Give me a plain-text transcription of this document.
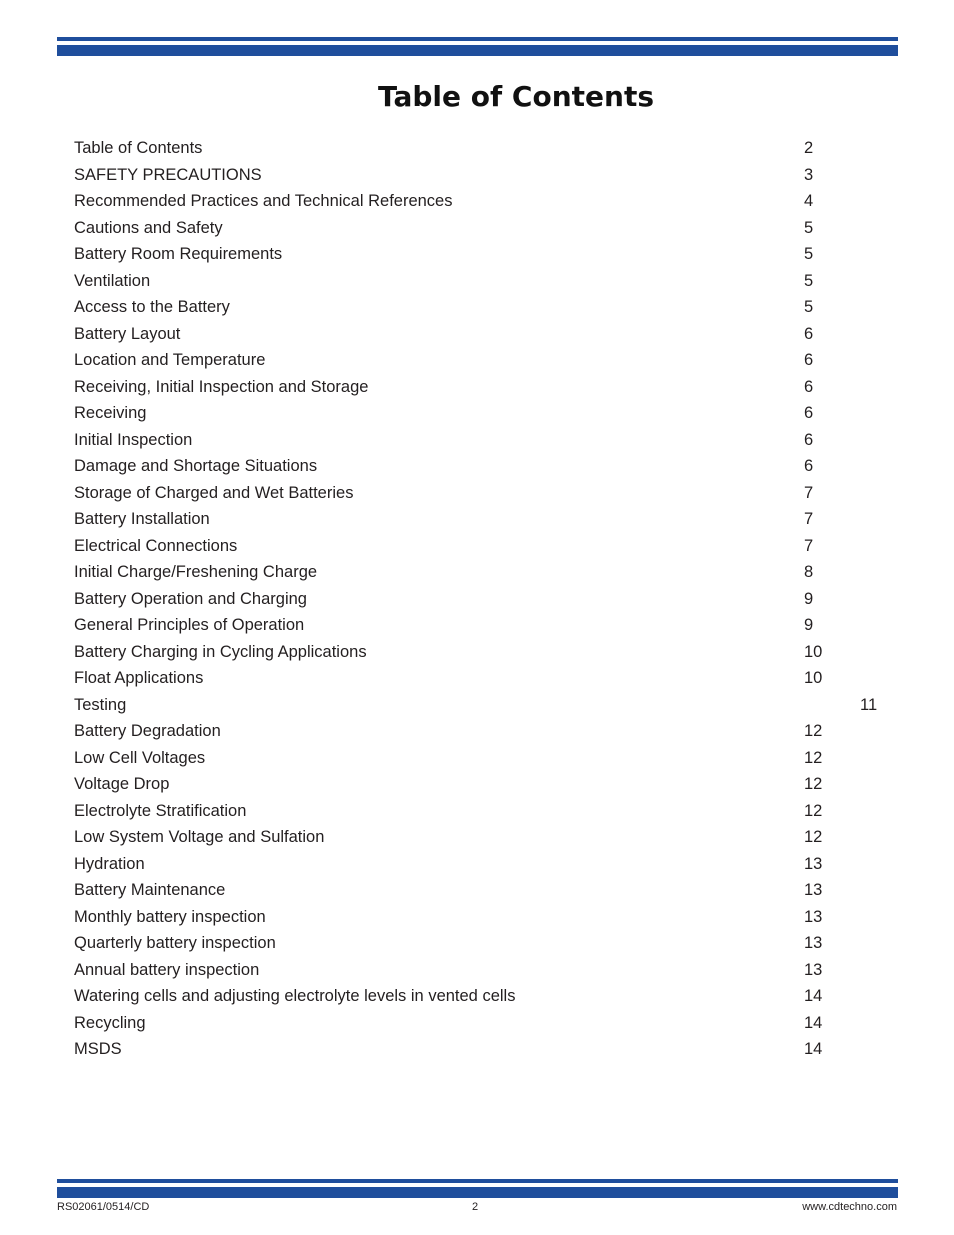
Table of Contents
Table of Contents	2
SAFETY PRECAUTIONS	3
Recommended Practices and Technical References	4
Cautions and Safety	5
Battery Room Requirements	5
Ventilation	5
Access to the Battery	5
Battery Layout	6
Location and Temperature	6
Receiving, Initial Inspection and Storage	6
Receiving	6
Initial Inspection	6
Damage and Shortage Situations	6
Storage of Charged and Wet Batteries	7
Battery Installation	7
Electrical Connections	7
Initial Charge/Freshening Charge	8
Battery Operation and Charging	9
General Principles of Operation	9
Battery Charging in Cycling Applications	10
Float Applications	10
Testing	11
Battery Degradation	12
Low Cell Voltages	12
Voltage Drop	12
Electrolyte Stratification	12
Low System Voltage and Sulfation	12
Hydration	13
Battery Maintenance	13
Monthly battery inspection	13
Quarterly battery inspection	13
Annual battery inspection	13
Watering cells and adjusting electrolyte levels in vented cells	14
Recycling	14
MSDS	14
RS02061/0514/CD	2	www.cdtechno.com
